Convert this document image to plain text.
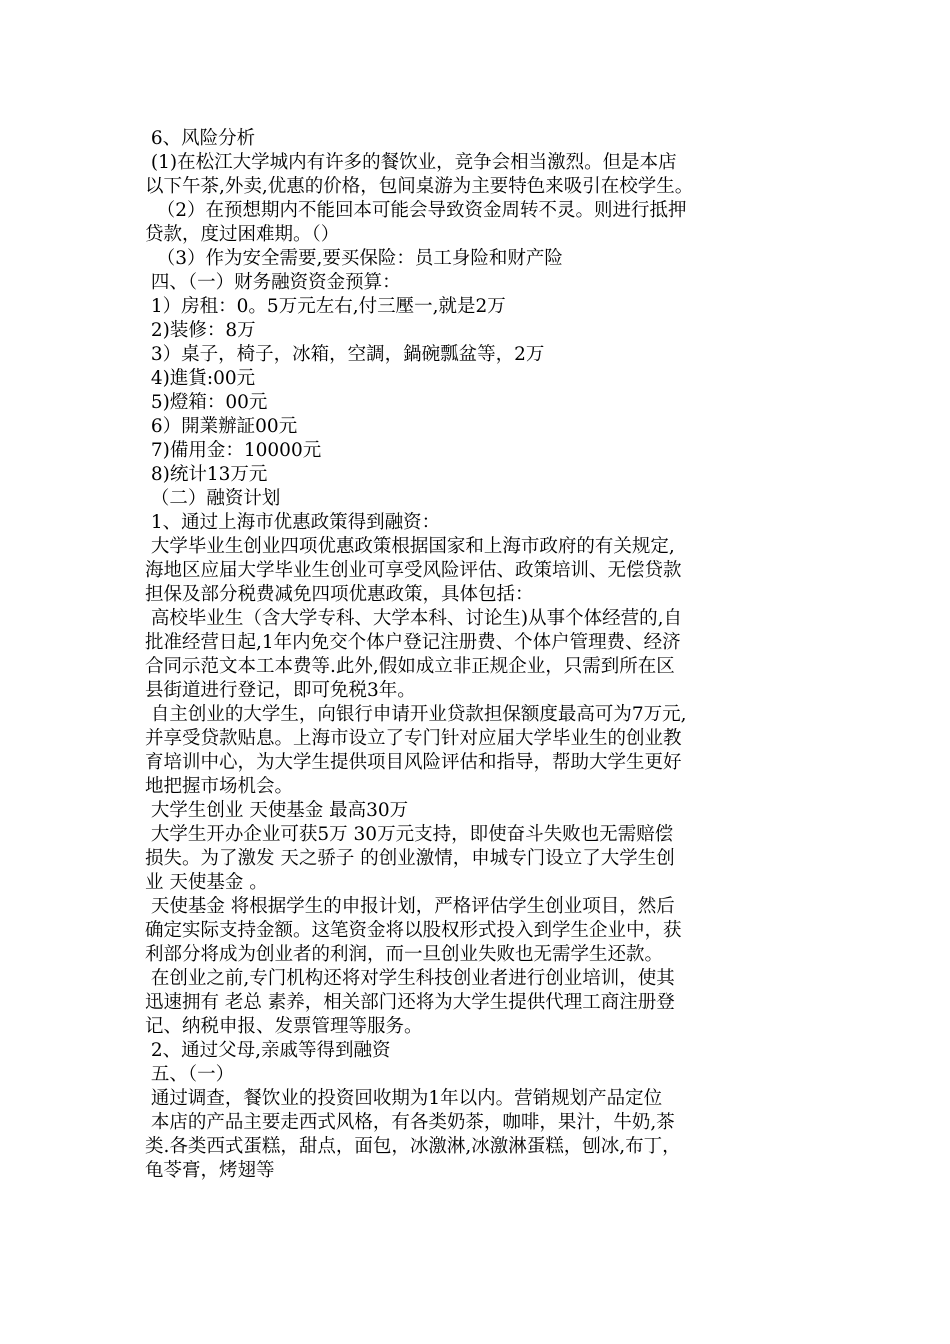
6、风险分析
(1)在松江大学城内有许多的餐饮业，竞争会相当激烈。但是本店
以下午茶,外卖,优惠的价格，包间桌游为主要特色来吸引在校学生。
（2）在预想期内不能回本可能会导致资金周转不灵。则进行抵押
贷款，度过困难期。（）
（3）作为安全需要,要买保险：员工身险和财产险
四、（一）财务融资资金预算：
1）房租：0。5万元左右,付三壓一,就是2万
2)装修：8万
3）桌子，椅子，冰箱，空調，鍋碗瓢盆等，2万
4)進貨:00元
5)燈箱：00元
6）開業辦証00元
7)備用金：10000元
8)统计13万元
（二）融资计划
1、通过上海市优惠政策得到融资：
大学毕业生创业四项优惠政策根据国家和上海市政府的有关规定,
海地区应届大学毕业生创业可享受风险评估、政策培训、无偿贷款
担保及部分税费减免四项优惠政策，具体包括：
高校毕业生（含大学专科、大学本科、讨论生)从事个体经营的,自
批准经营日起,1年内免交个体户登记注册费、个体户管理费、经济
合同示范文本工本费等.此外,假如成立非正规企业，只需到所在区
县街道进行登记，即可免税3年。
自主创业的大学生，向银行申请开业贷款担保额度最高可为7万元,
并享受贷款贴息。上海市设立了专门针对应届大学毕业生的创业教
育培训中心，为大学生提供项目风险评估和指导，帮助大学生更好
地把握市场机会。
大学生创业 天使基金 最高30万
大学生开办企业可获5万 30万元支持，即使奋斗失败也无需赔偿
损失。为了激发 天之骄子 的创业激情，申城专门设立了大学生创
业 天使基金 。
天使基金 将根据学生的申报计划，严格评估学生创业项目，然后
确定实际支持金额。这笔资金将以股权形式投入到学生企业中，获
利部分将成为创业者的利润，而一旦创业失败也无需学生还款。
在创业之前,专门机构还将对学生科技创业者进行创业培训，使其
迅速拥有 老总 素养，相关部门还将为大学生提供代理工商注册登
记、纳税申报、发票管理等服务。
2、通过父母,亲戚等得到融资
五、（一）
通过调查，餐饮业的投资回收期为1年以内。营销规划产品定位
本店的产品主要走西式风格，有各类奶茶，咖啡，果汁，牛奶,茶
类.各类西式蛋糕，甜点，面包，冰激淋,冰激淋蛋糕，刨冰,布丁，
龟苓膏，烤翅等
